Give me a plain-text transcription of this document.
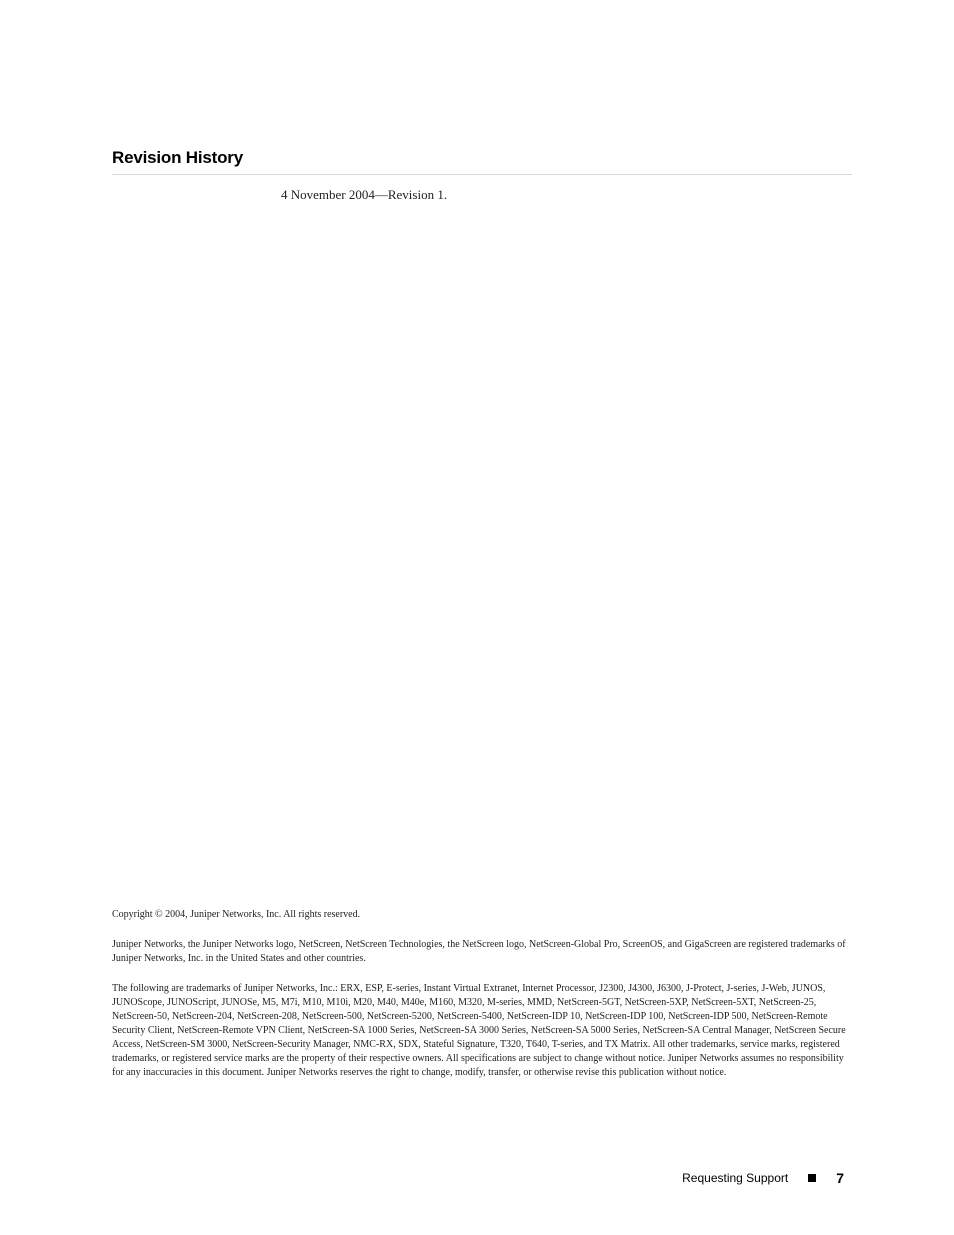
Revision History

4 November 2004—Revision 1.

Copyright © 2004, Juniper Networks, Inc. All rights reserved.

Juniper Networks, the Juniper Networks logo, NetScreen, NetScreen Technologies, the NetScreen logo, NetScreen-Global Pro, ScreenOS, and GigaScreen are registered trademarks of Juniper Networks, Inc. in the United States and other countries.

The following are trademarks of Juniper Networks, Inc.: ERX, ESP, E-series, Instant Virtual Extranet, Internet Processor, J2300, J4300, J6300, J-Protect, J-series, J-Web, JUNOS, JUNOScope, JUNOScript, JUNOSe, M5, M7i, M10, M10i, M20, M40, M40e, M160, M320, M-series, MMD, NetScreen-5GT, NetScreen-5XP, NetScreen-5XT, NetScreen-25, NetScreen-50, NetScreen-204, NetScreen-208, NetScreen-500, NetScreen-5200, NetScreen-5400, NetScreen-IDP 10, NetScreen-IDP 100, NetScreen-IDP 500, NetScreen-Remote Security Client, NetScreen-Remote VPN Client, NetScreen-SA 1000 Series, NetScreen-SA 3000 Series, NetScreen-SA 5000 Series, NetScreen-SA Central Manager, NetScreen Secure Access, NetScreen-SM 3000, NetScreen-Security Manager, NMC-RX, SDX, Stateful Signature, T320, T640, T-series, and TX Matrix. All other trademarks, service marks, registered trademarks, or registered service marks are the property of their respective owners. All specifications are subject to change without notice. Juniper Networks assumes no responsibility for any inaccuracies in this document. Juniper Networks reserves the right to change, modify, transfer, or otherwise revise this publication without notice.

Requesting Support	7
